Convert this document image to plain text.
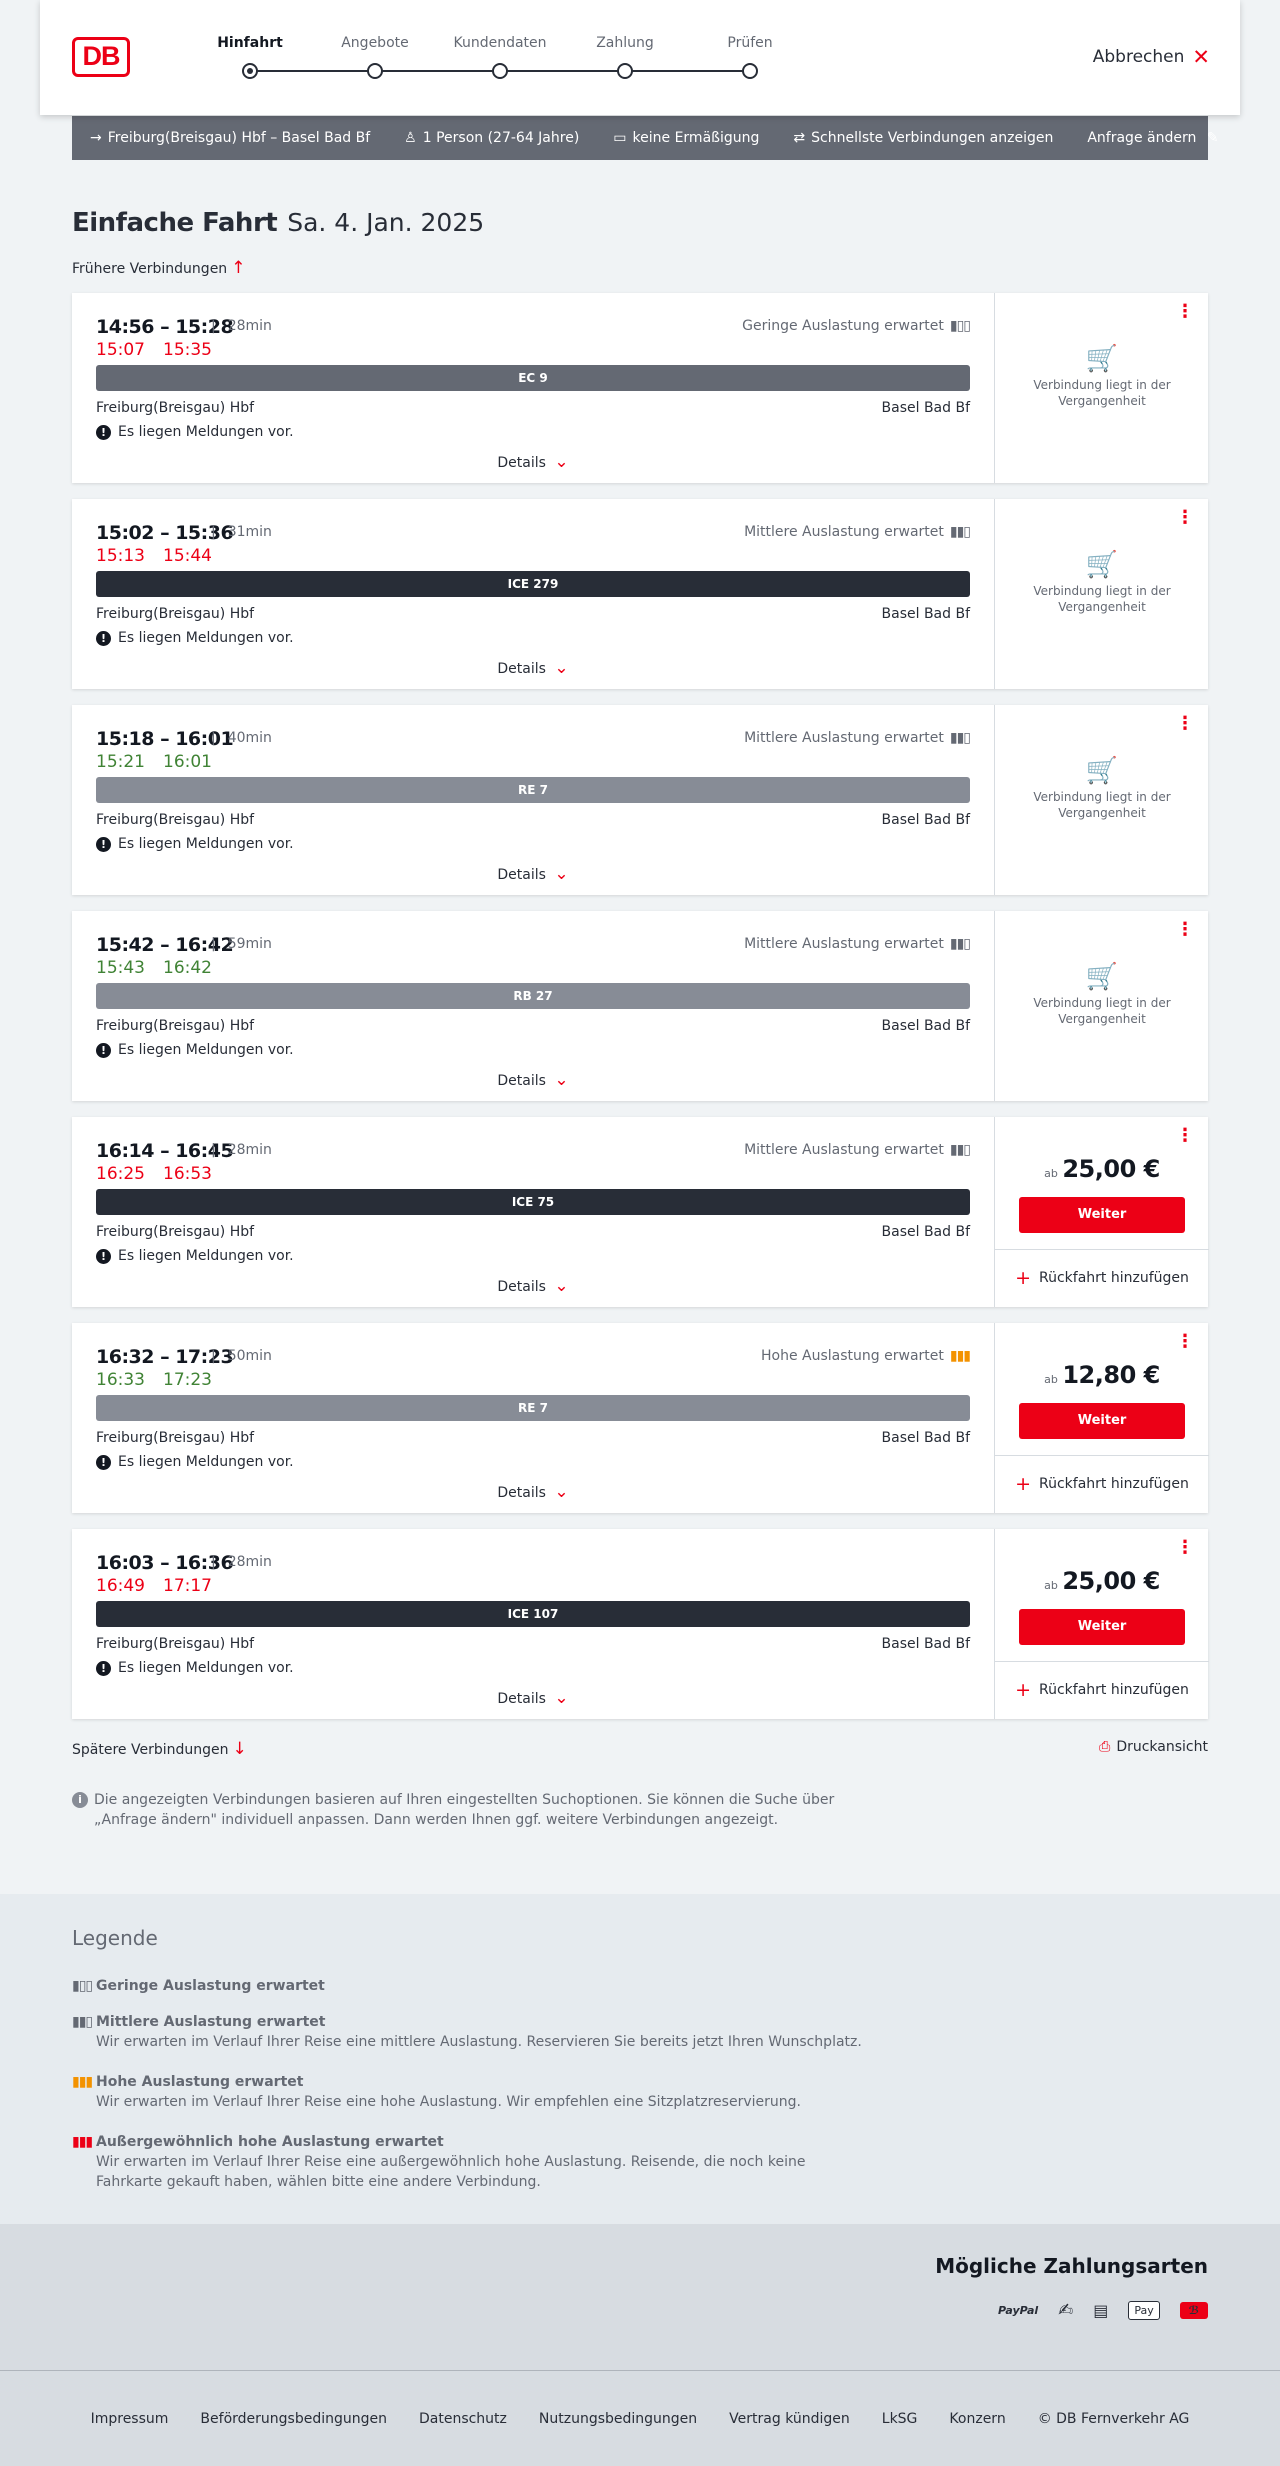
DB	Hinfahrt	Angebote	Kundendaten	Zahlung	Prüfen
Abbrechen ✕
→ Freiburg(Breisgau) Hbf – Basel Bad Bf ♙ 1 Person (27-64 Jahre) ▭ keine Ermäßigung ⇄ Schnellste Verbindungen anzeigen Anfrage ändern ✎
Einfache Fahrt Sa. 4. Jan. 2025
Frühere Verbindungen ↑
14:56 – 15:28
| 28min
15:07 15:35
Geringe Auslastung erwartet ▮▯▯
EC 9
Freiburg(Breisgau) Hbf	Basel Bad Bf
! Es liegen Meldungen vor.
Details ⌄
⋮
🛒
Verbindung liegt in der Vergangenheit
15:02 – 15:36
| 31min
15:13 15:44
Mittlere Auslastung erwartet ▮▮▯
ICE 279
Freiburg(Breisgau) Hbf	Basel Bad Bf
! Es liegen Meldungen vor.
Details ⌄
⋮
🛒
Verbindung liegt in der Vergangenheit
15:18 – 16:01
| 40min
15:21 16:01
Mittlere Auslastung erwartet ▮▮▯
RE 7
Freiburg(Breisgau) Hbf	Basel Bad Bf
! Es liegen Meldungen vor.
Details ⌄
⋮
🛒
Verbindung liegt in der Vergangenheit
15:42 – 16:42
| 59min
15:43 16:42
Mittlere Auslastung erwartet ▮▮▯
RB 27
Freiburg(Breisgau) Hbf	Basel Bad Bf
! Es liegen Meldungen vor.
Details ⌄
⋮
🛒
Verbindung liegt in der Vergangenheit
16:14 – 16:45
| 28min
16:25 16:53
Mittlere Auslastung erwartet ▮▮▯
ICE 75
Freiburg(Breisgau) Hbf	Basel Bad Bf
! Es liegen Meldungen vor.
Details ⌄
⋮
ab 25,00 €
Weiter
+ Rückfahrt hinzufügen
16:32 – 17:23
| 50min
16:33 17:23
Hohe Auslastung erwartet ▮▮▮
RE 7
Freiburg(Breisgau) Hbf	Basel Bad Bf
! Es liegen Meldungen vor.
Details ⌄
⋮
ab 12,80 €
Weiter
+ Rückfahrt hinzufügen
16:03 – 16:36
| 28min
16:49 17:17
ICE 107
Freiburg(Breisgau) Hbf	Basel Bad Bf
! Es liegen Meldungen vor.
Details ⌄
⋮
ab 25,00 €
Weiter
+ Rückfahrt hinzufügen
Spätere Verbindungen ↓	⎙ Druckansicht
i Die angezeigten Verbindungen basieren auf Ihren eingestellten Suchoptionen. Sie können die Suche über „Anfrage ändern" individuell anpassen. Dann werden Ihnen ggf. weitere Verbindungen angezeigt.

Legende
▮▯▯ Geringe Auslastung erwartet
▮▮▯ Mittlere Auslastung erwartet

Wir erwarten im Verlauf Ihrer Reise eine mittlere Auslastung. Reservieren Sie bereits jetzt Ihren Wunschplatz.

▮▮▮ Hohe Auslastung erwartet

Wir erwarten im Verlauf Ihrer Reise eine hohe Auslastung. Wir empfehlen eine Sitzplatzreservierung.

▮▮▮ Außergewöhnlich hohe Auslastung erwartet

Wir erwarten im Verlauf Ihrer Reise eine außergewöhnlich hohe Auslastung. Reisende, die noch keine Fahrkarte gekauft haben, wählen bitte eine andere Verbindung.

Mögliche Zahlungsarten
PayPal ✍ ▤	Pay	ℬ
Impressum Beförderungsbedingungen Datenschutz Nutzungsbedingungen Vertrag kündigen LkSG Konzern © DB Fernverkehr AG
